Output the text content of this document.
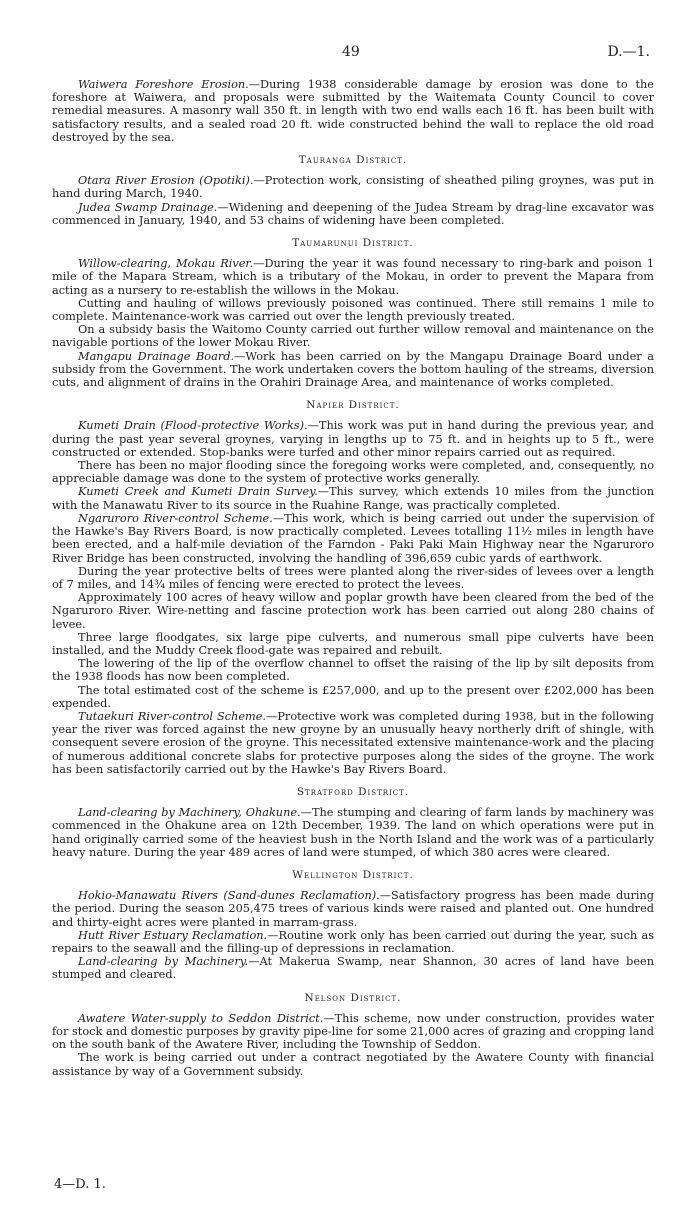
49	D.—1.

Waiwera Foreshore Erosion.—During 1938 considerable damage by erosion was done to the foreshore at Waiwera, and proposals were submitted by the Waitemata County Council to cover remedial measures. A masonry wall 350 ft. in length with two end walls each 16 ft. has been built with satisfactory results, and a sealed road 20 ft. wide constructed behind the wall to replace the old road destroyed by the sea.

Tauranga District.

Otara River Erosion (Opotiki).—Protection work, consisting of sheathed piling groynes, was put in hand during March, 1940.

Judea Swamp Drainage.—Widening and deepening of the Judea Stream by drag-line excavator was commenced in January, 1940, and 53 chains of widening have been completed.

Taumarunui District.

Willow-clearing, Mokau River.—During the year it was found necessary to ring-bark and poison 1 mile of the Mapara Stream, which is a tributary of the Mokau, in order to prevent the Mapara from acting as a nursery to re-establish the willows in the Mokau.

Cutting and hauling of willows previously poisoned was continued. There still remains 1 mile to complete. Maintenance-work was carried out over the length previously treated.

On a subsidy basis the Waitomo County carried out further willow removal and maintenance on the navigable portions of the lower Mokau River.

Mangapu Drainage Board.—Work has been carried on by the Mangapu Drainage Board under a subsidy from the Government. The work undertaken covers the bottom hauling of the streams, diversion cuts, and alignment of drains in the Orahiri Drainage Area, and maintenance of works completed.

Napier District.

Kumeti Drain (Flood-protective Works).—This work was put in hand during the previous year, and during the past year several groynes, varying in lengths up to 75 ft. and in heights up to 5 ft., were constructed or extended. Stop-banks were turfed and other minor repairs carried out as required.

There has been no major flooding since the foregoing works were completed, and, consequently, no appreciable damage was done to the system of protective works generally.

Kumeti Creek and Kumeti Drain Survey.—This survey, which extends 10 miles from the junction with the Manawatu River to its source in the Ruahine Range, was practically completed.

Ngaruroro River-control Scheme.—This work, which is being carried out under the supervision of the Hawke's Bay Rivers Board, is now practically completed. Levees totalling 11½ miles in length have been erected, and a half-mile deviation of the Farndon - Paki Paki Main Highway near the Ngaruroro River Bridge has been constructed, involving the handling of 396,659 cubic yards of earthwork.

During the year protective belts of trees were planted along the river-sides of levees over a length of 7 miles, and 14¾ miles of fencing were erected to protect the levees.

Approximately 100 acres of heavy willow and poplar growth have been cleared from the bed of the Ngaruroro River. Wire-netting and fascine protection work has been carried out along 280 chains of levee.

Three large floodgates, six large pipe culverts, and numerous small pipe culverts have been installed, and the Muddy Creek flood-gate was repaired and rebuilt.

The lowering of the lip of the overflow channel to offset the raising of the lip by silt deposits from the 1938 floods has now been completed.

The total estimated cost of the scheme is £257,000, and up to the present over £202,000 has been expended.

Tutaekuri River-control Scheme.—Protective work was completed during 1938, but in the following year the river was forced against the new groyne by an unusually heavy northerly drift of shingle, with consequent severe erosion of the groyne. This necessitated extensive maintenance-work and the placing of numerous additional concrete slabs for protective purposes along the sides of the groyne. The work has been satisfactorily carried out by the Hawke's Bay Rivers Board.

Stratford District.

Land-clearing by Machinery, Ohakune.—The stumping and clearing of farm lands by machinery was commenced in the Ohakune area on 12th December, 1939. The land on which operations were put in hand originally carried some of the heaviest bush in the North Island and the work was of a particularly heavy nature. During the year 489 acres of land were stumped, of which 380 acres were cleared.

Wellington District.

Hokio-Manawatu Rivers (Sand-dunes Reclamation).—Satisfactory progress has been made during the period. During the season 205,475 trees of various kinds were raised and planted out. One hundred and thirty-eight acres were planted in marram-grass.

Hutt River Estuary Reclamation.—Routine work only has been carried out during the year, such as repairs to the seawall and the filling-up of depressions in reclamation.

Land-clearing by Machinery.—At Makerua Swamp, near Shannon, 30 acres of land have been stumped and cleared.

Nelson District.

Awatere Water-supply to Seddon District.—This scheme, now under construction, provides water for stock and domestic purposes by gravity pipe-line for some 21,000 acres of grazing and cropping land on the south bank of the Awatere River, including the Township of Seddon.

The work is being carried out under a contract negotiated by the Awatere County with financial assistance by way of a Government subsidy.

4—D. 1.
